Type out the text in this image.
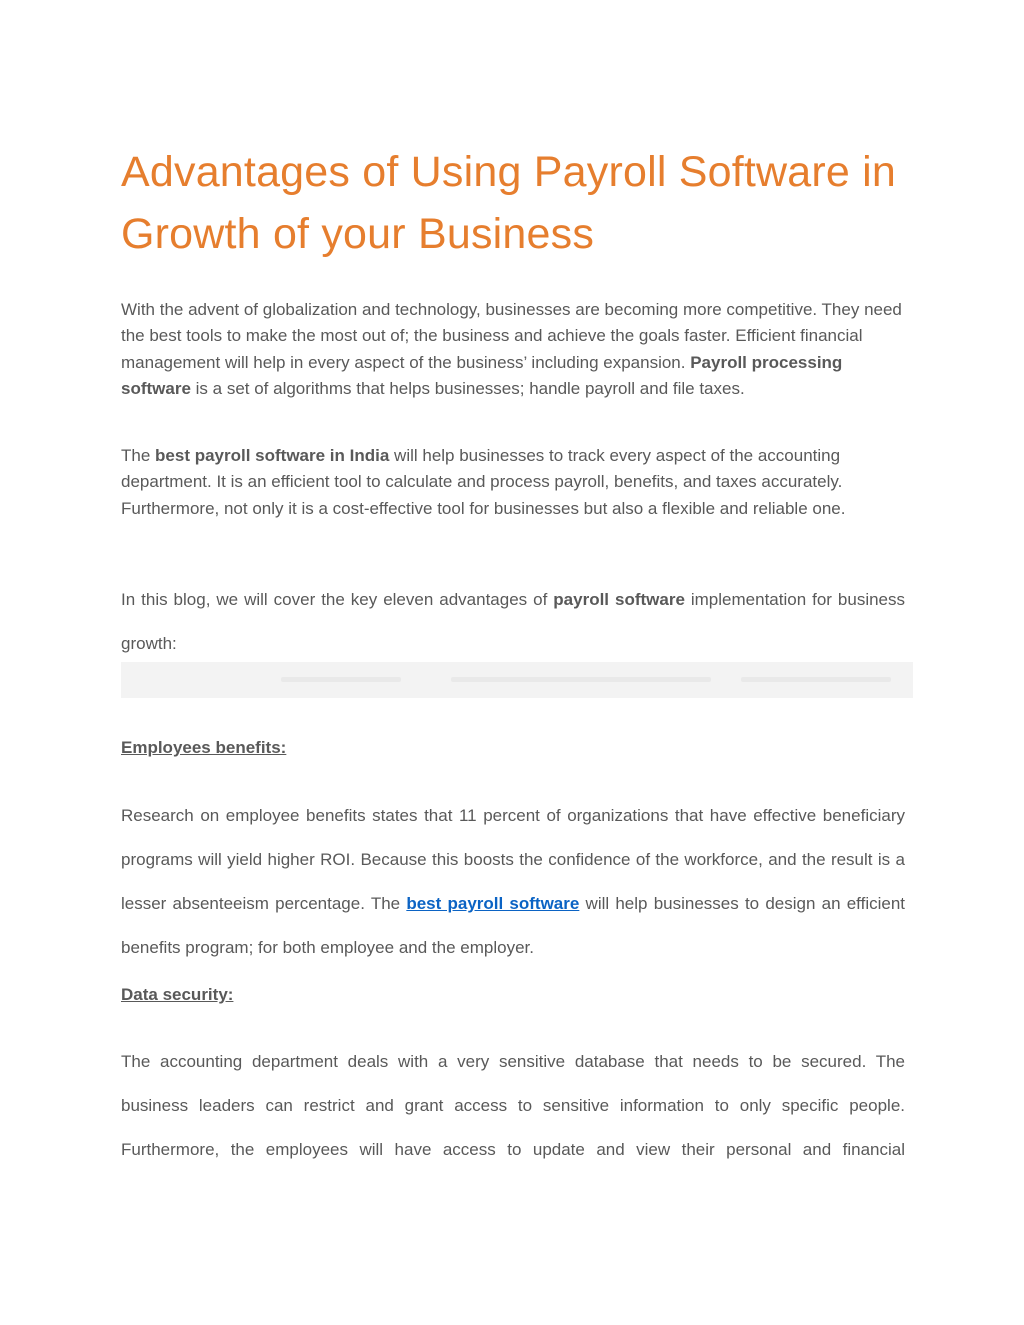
Advantages of Using Payroll Software in Growth of your Business

With the advent of globalization and technology, businesses are becoming more competitive. They need the best tools to make the most out of; the business and achieve the goals faster. Efficient financial management will help in every aspect of the business’ including expansion. Payroll processing software is a set of algorithms that helps businesses; handle payroll and file taxes.

The best payroll software in India will help businesses to track every aspect of the accounting department. It is an efficient tool to calculate and process payroll, benefits, and taxes accurately. Furthermore, not only it is a cost-effective tool for businesses but also a flexible and reliable one.

In this blog, we will cover the key eleven advantages of payroll software implementation for business growth:

Employees benefits:

Research on employee benefits states that 11 percent of organizations that have effective beneficiary programs will yield higher ROI. Because this boosts the confidence of the workforce, and the result is a lesser absenteeism percentage. The best payroll software will help businesses to design an efficient benefits program; for both employee and the employer.

Data security:

The accounting department deals with a very sensitive database that needs to be secured. The business leaders can restrict and grant access to sensitive information to only specific people. Furthermore, the employees will have access to update and view their personal and financial
